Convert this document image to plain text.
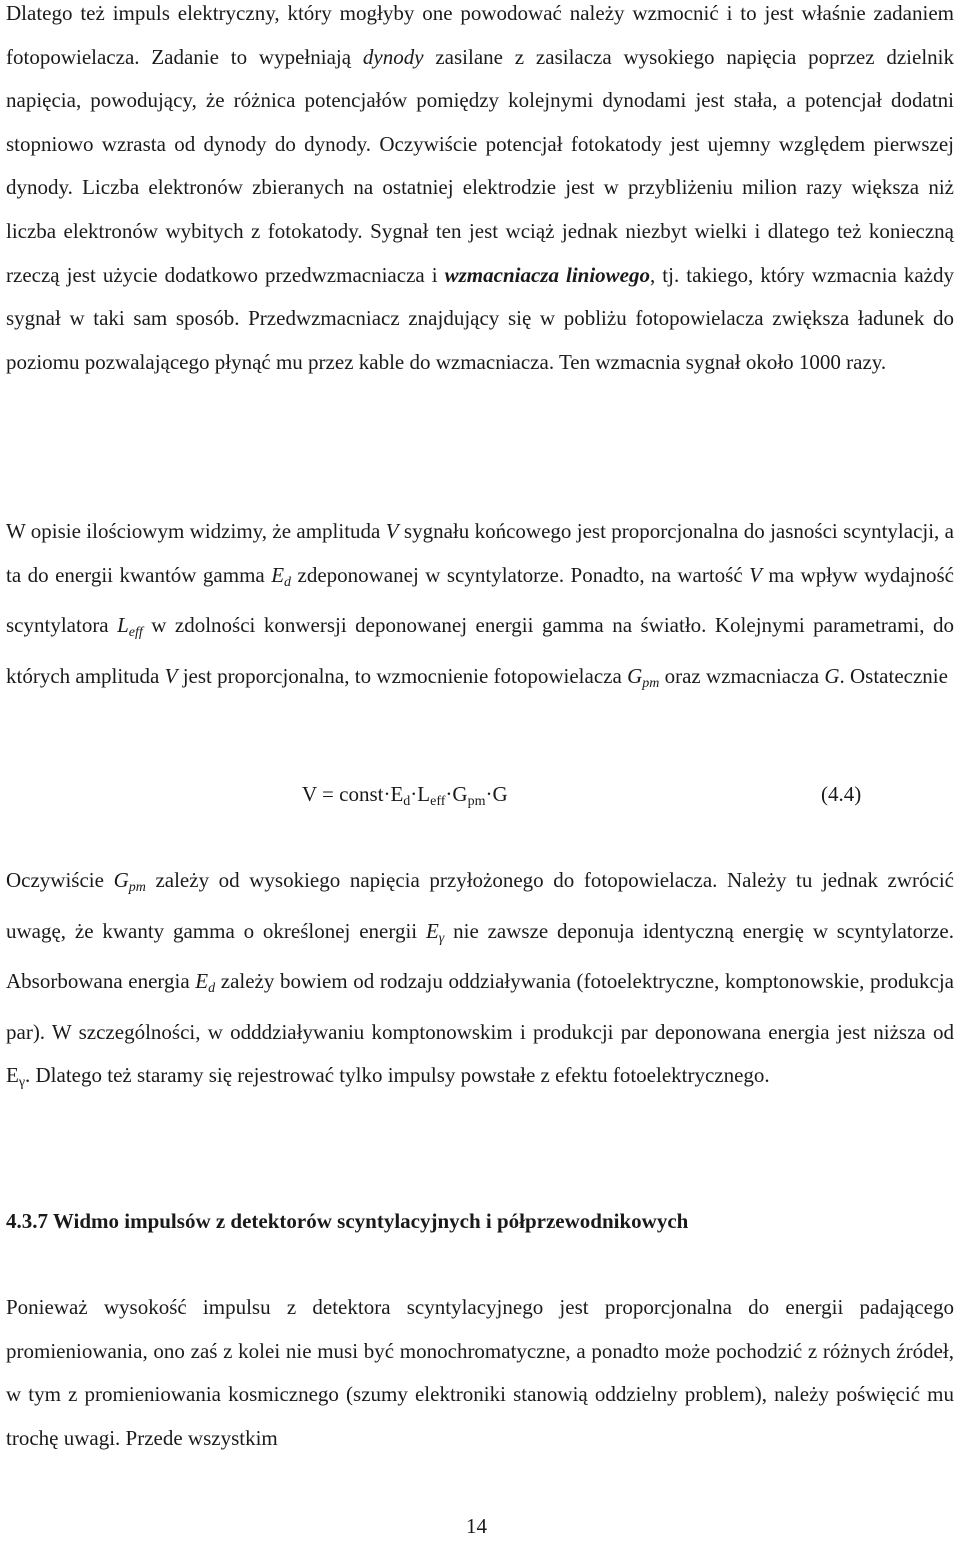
Dlatego też impuls elektryczny, który mogłyby one powodować należy wzmocnić i to jest właśnie zadaniem fotopowielacza. Zadanie to wypełniają dynody zasilane z zasilacza wysokiego napięcia poprzez dzielnik napięcia, powodujący, że różnica potencjałów pomiędzy kolejnymi dynodami jest stała, a potencjał dodatni stopniowo wzrasta od dynody do dynody. Oczywiście potencjał fotokatody jest ujemny względem pierwszej dynody. Liczba elektronów zbieranych na ostatniej elektrodzie jest w przybliżeniu milion razy większa niż liczba elektronów wybitych z fotokatody. Sygnał ten jest wciąż jednak niezbyt wielki i dlatego też konieczną rzeczą jest użycie dodatkowo przedwzmacniacza i wzmacniacza liniowego, tj. takiego, który wzmacnia każdy sygnał w taki sam sposób. Przedwzmacniacz znajdujący się w pobliżu fotopowielacza zwiększa ładunek do poziomu pozwalającego płynąć mu przez kable do wzmacniacza. Ten wzmacnia sygnał około 1000 razy.

W opisie ilościowym widzimy, że amplituda V sygnału końcowego jest proporcjonalna do jasności scyntylacji, a ta do energii kwantów gamma Ed zdeponowanej w scyntylatorze. Ponadto, na wartość V ma wpływ wydajność scyntylatora Leff w zdolności konwersji deponowanej energii gamma na światło. Kolejnymi parametrami, do których amplituda V jest proporcjonalna, to wzmocnienie fotopowielacza Gpm oraz wzmacniacza G. Ostatecznie

$V = const\cdot E_d\cdot L_{eff}\cdot G_{pm}\cdot G$	(4.4)

Oczywiście Gpm zależy od wysokiego napięcia przyłożonego do fotopowielacza. Należy tu jednak zwrócić uwagę, że kwanty gamma o określonej energii Eγ nie zawsze deponuja identyczną energię w scyntylatorze. Absorbowana energia Ed zależy bowiem od rodzaju oddziaływania (fotoelektryczne, komptonowskie, produkcja par). W szczególności, w odddziaływaniu komptonowskim i produkcji par deponowana energia jest niższa od $E_\gamma$. Dlatego też staramy się rejestrować tylko impulsy powstałe z efektu fotoelektrycznego.

4.3.7 Widmo impulsów z detektorów scyntylacyjnych i półprzewodnikowych

Ponieważ wysokość impulsu z detektora scyntylacyjnego jest proporcjonalna do energii padającego promieniowania, ono zaś z kolei nie musi być monochromatyczne, a ponadto może pochodzić z różnych źródeł, w tym z promieniowania kosmicznego (szumy elektroniki stanowią oddzielny problem), należy poświęcić mu trochę uwagi. Przede wszystkim

14
